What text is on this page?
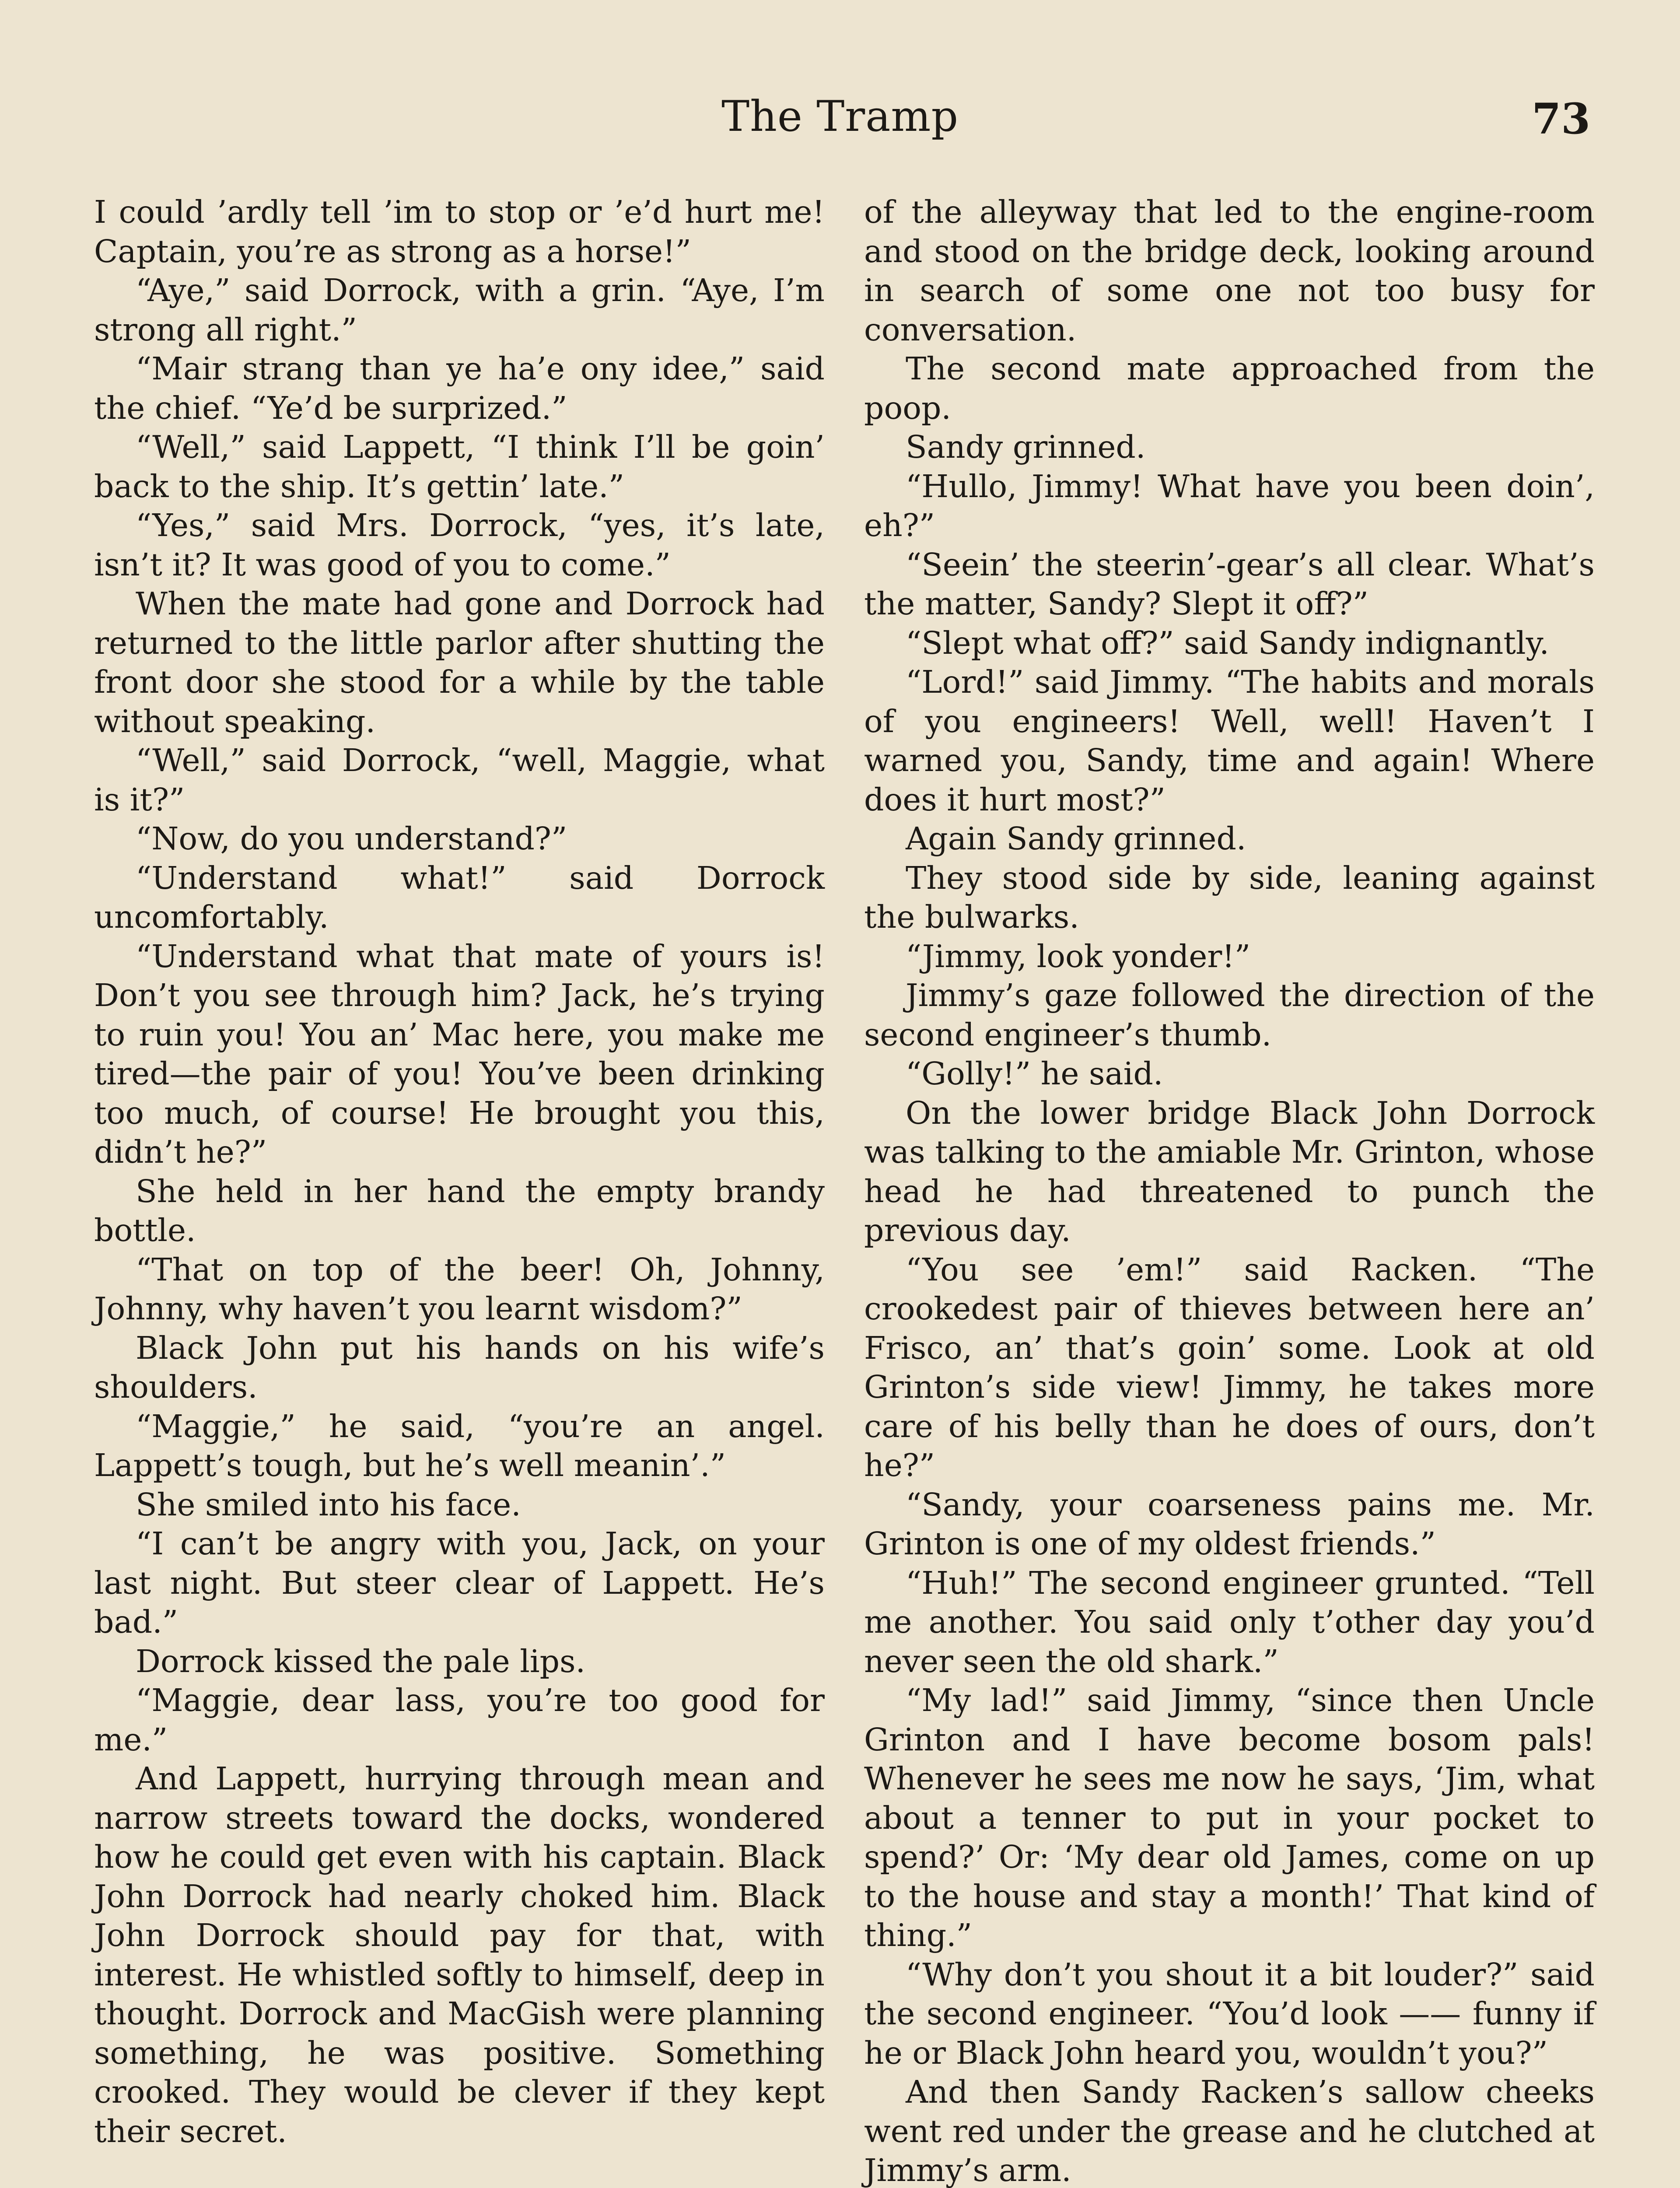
The Tramp	73

I could ’ardly tell ’im to stop or ’e’d hurt me! Captain, you’re as strong as a horse!”

“Aye,” said Dorrock, with a grin. “Aye, I’m strong all right.”

“Mair strang than ye ha’e ony idee,” said the chief. “Ye’d be surprized.”

“Well,” said Lappett, “I think I’ll be goin’ back to the ship. It’s gettin’ late.”

“Yes,” said Mrs. Dorrock, “yes, it’s late, isn’t it? It was good of you to come.”

When the mate had gone and Dorrock had returned to the little parlor after shutting the front door she stood for a while by the table without speaking.

“Well,” said Dorrock, “well, Maggie, what is it?”

“Now, do you understand?”

“Understand what!” said Dorrock uncomfortably.

“Understand what that mate of yours is! Don’t you see through him? Jack, he’s trying to ruin you! You an’ Mac here, you make me tired—the pair of you! You’ve been drinking too much, of course! He brought you this, didn’t he?”

She held in her hand the empty brandy bottle.

“That on top of the beer! Oh, Johnny, Johnny, why haven’t you learnt wisdom?”

Black John put his hands on his wife’s shoulders.

“Maggie,” he said, “you’re an angel. Lappett’s tough, but he’s well meanin’.”

She smiled into his face.

“I can’t be angry with you, Jack, on your last night. But steer clear of Lappett. He’s bad.”

Dorrock kissed the pale lips.

“Maggie, dear lass, you’re too good for me.”

And Lappett, hurrying through mean and narrow streets toward the docks, wondered how he could get even with his captain. Black John Dorrock had nearly choked him. Black John Dorrock should pay for that, with interest. He whistled softly to himself, deep in thought. Dorrock and MacGish were planning something, he was positive. Something crooked. They would be clever if they kept their secret.

of the alleyway that led to the engine-room and stood on the bridge deck, looking around in search of some one not too busy for conversation.

The second mate approached from the poop.

Sandy grinned.

“Hullo, Jimmy! What have you been doin’, eh?”

“Seein’ the steerin’-gear’s all clear. What’s the matter, Sandy? Slept it off?”

“Slept what off?” said Sandy indignantly.

“Lord!” said Jimmy. “The habits and morals of you engineers! Well, well! Haven’t I warned you, Sandy, time and again! Where does it hurt most?”

Again Sandy grinned.

They stood side by side, leaning against the bulwarks.

“Jimmy, look yonder!”

Jimmy’s gaze followed the direction of the second engineer’s thumb.

“Golly!” he said.

On the lower bridge Black John Dorrock was talking to the amiable Mr. Grinton, whose head he had threatened to punch the previous day.

“You see ’em!” said Racken. “The crookedest pair of thieves between here an’ Frisco, an’ that’s goin’ some. Look at old Grinton’s side view! Jimmy, he takes more care of his belly than he does of ours, don’t he?”

“Sandy, your coarseness pains me. Mr. Grinton is one of my oldest friends.”

“Huh!” The second engineer grunted. “Tell me another. You said only t’other day you’d never seen the old shark.”

“My lad!” said Jimmy, “since then Uncle Grinton and I have become bosom pals! Whenever he sees me now he says, ‘Jim, what about a tenner to put in your pocket to spend?’ Or: ‘My dear old James, come on up to the house and stay a month!’ That kind of thing.”

“Why don’t you shout it a bit louder?” said the second engineer. “You’d look —— funny if he or Black John heard you, wouldn’t you?”

And then Sandy Racken’s sallow cheeks went red under the grease and he clutched at Jimmy’s arm.
